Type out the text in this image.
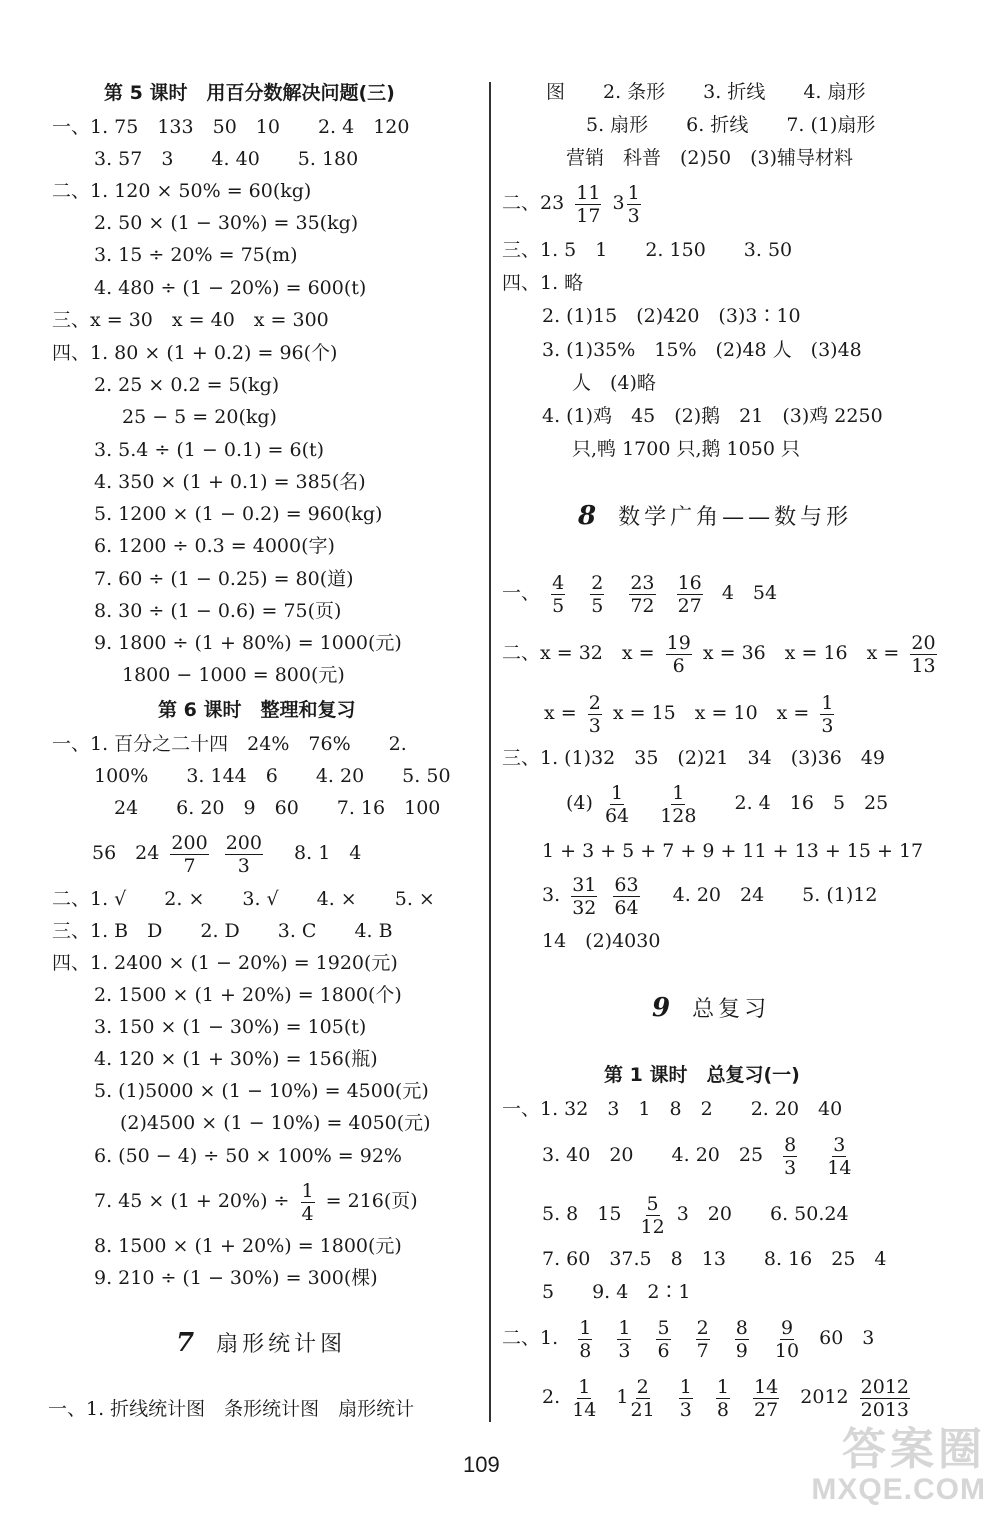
第 5 课时　用百分数解决问题(三)
一、1. 75　133　50　10　　2. 4　120
3. 57　3　　4. 40　　5. 180
二、1. 120 × 50% = 60(kg)
2. 50 × (1 − 30%) = 35(kg)
3. 15 ÷ 20% = 75(m)
4. 480 ÷ (1 − 20%) = 600(t)
三、x = 30　x = 40　x = 300
四、1. 80 × (1 + 0.2) = 96(个)
2. 25 × 0.2 = 5(kg)
25 − 5 = 20(kg)
3. 5.4 ÷ (1 − 0.1) = 6(t)
4. 350 × (1 + 0.1) = 385(名)
5. 1200 × (1 − 0.2) = 960(kg)
6. 1200 ÷ 0.3 = 4000(字)
7. 60 ÷ (1 − 0.25) = 80(道)
8. 30 ÷ (1 − 0.6) = 75(页)
9. 1800 ÷ (1 + 80%) = 1000(元)
1800 − 1000 = 800(元)
第 6 课时　整理和复习
一、1. 百分之二十四　24%　76%　　2.
100%　　3. 144　6　　4. 20　　5. 50
24　　6. 20　9　60　　7. 16　100
56　$24 \frac{200}{7}$
$\frac{200}{3} 8$. 1　4
二、1. √　　2. ×　　3. √　　4. ×　　5. ×
三、1. B　D　　2. D　　3. C　　4. B
四、1. 2400 × (1 − 20%) = 1920(元)
2. 1500 × (1 + 20%) = 1800(个)
3. 150 × (1 − 30%) = 105(t)
4. 120 × (1 + 30%) = 156(瓶)
5. (1)5000 × (1 − 10%) = 4500(元)
(2)4500 × (1 − 10%) = 4050(元)
6. (50 − 4) ÷ 50 × 100% = 92%
7. $45 \times (1 + 20\%) \div \frac{1}{4} = 216$(页)
8. 1500 × (1 + 20%) = 1800(元)
9. 210 ÷ (1 − 30%) = 300(棵)
7 扇形统计图
一、1. 折线统计图　条形统计图　扇形统计
图　　2. 条形　　3. 折线　　4. 扇形
5. 扇形　　6. 折线　　7. (1)扇形
营销　科普　(2)50　(3)辅导材料
二、$23 \frac{11}{17} 3 \frac{1}{3}$
三、1. 5　1　　2. 150　　3. 50
四、1. 略
2. (1)15　(2)420　(3)3∶10
3. (1)35%　15%　(2)48 人　(3)48
人　(4)略
4. (1)鸡　45　(2)鹅　21　(3)鸡 2250
只,鸭 1700 只,鹅 1050 只
8 数学广角——数与形
一、 $\frac{4}{5}$
$\frac{2}{5}$
$\frac{23}{72}$
$\frac{16}{27} 4$　54
二、x = 32　$x = \frac{19}{6}$ x = 36　x = 16　$x = \frac{20}{13}$
$x = \frac{2}{3}$ x = 15　x = 10　$x = \frac{1}{3}$
三、1. (1)32　35　(2)21　34　(3)36　49
$(4) \frac{1}{64}$
$\frac{1}{128} 2$. 4　16　5　25
1 + 3 + 5 + 7 + 9 + 11 + 13 + 15 + 17
3. $\frac{31}{32}$
$\frac{63}{64} 4$. 20　24　　5. (1)12
14　(2)4030
9 总复习
第 1 课时　总复习(一)
一、1. 32　3　1　8　2　　2. 20　40
3. 40　20　　4. 20　$25 \frac{8}{3}$
$\frac{3}{14}$
5. 8　$15 \frac{5}{12} 3$　20　　6. 50.24
7. 60　37.5　8　13　　8. 16　25　4
5　　9. 4　2∶1
二、1. $\frac{1}{8}$
$\frac{1}{3}$
$\frac{5}{6}$
$\frac{2}{7}$
$\frac{8}{9}$
$\frac{9}{10} 60$　3
2. $\frac{1}{14} 1 \frac{2}{21}$
$\frac{1}{3}$
$\frac{1}{8}$
$\frac{14}{27} 2012 \frac{2012}{2013}$
109	答案圈
MXQE.COM
